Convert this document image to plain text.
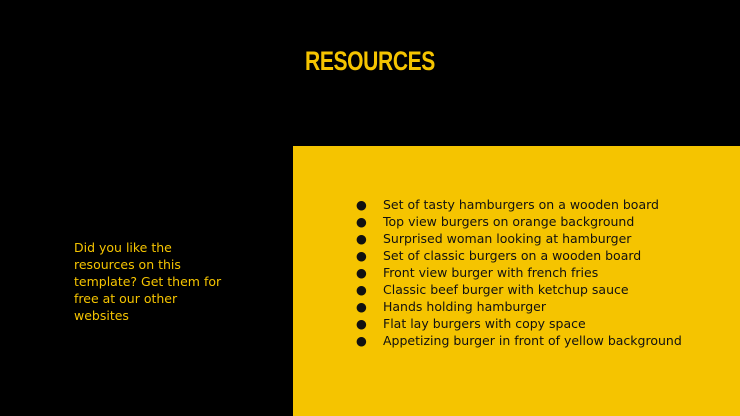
RESOURCES
Did you like the resources on this template? Get them for free at our other websites
● Set of tasty hamburgers on a wooden board
● Top view burgers on orange background
● Surprised woman looking at hamburger
● Set of classic burgers on a wooden board
● Front view burger with french fries
● Classic beef burger with ketchup sauce
● Hands holding hamburger
● Flat lay burgers with copy space
● Appetizing burger in front of yellow background
